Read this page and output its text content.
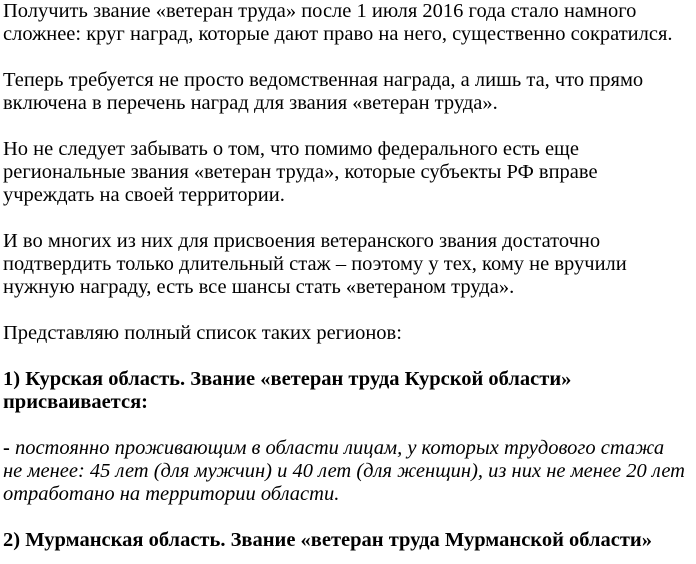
Получить звание «ветеран труда» после 1 июля 2016 года стало намного
сложнее: круг наград, которые дают право на него, существенно сократился.

Теперь требуется не просто ведомственная награда, а лишь та, что прямо
включена в перечень наград для звания «ветеран труда».

Но не следует забывать о том, что помимо федерального есть еще
региональные звания «ветеран труда», которые субъекты РФ вправе
учреждать на своей территории.

И во многих из них для присвоения ветеранского звания достаточно
подтвердить только длительный стаж – поэтому у тех, кому не вручили
нужную награду, есть все шансы стать «ветераном труда».

Представляю полный список таких регионов:

1) Курская область. Звание «ветеран труда Курской области»
присваивается:

- постоянно проживающим в области лицам, у которых трудового стажа
не менее: 45 лет (для мужчин) и 40 лет (для женщин), из них не менее 20 лет
отработано на территории области.

2) Мурманская область. Звание «ветеран труда Мурманской области»
